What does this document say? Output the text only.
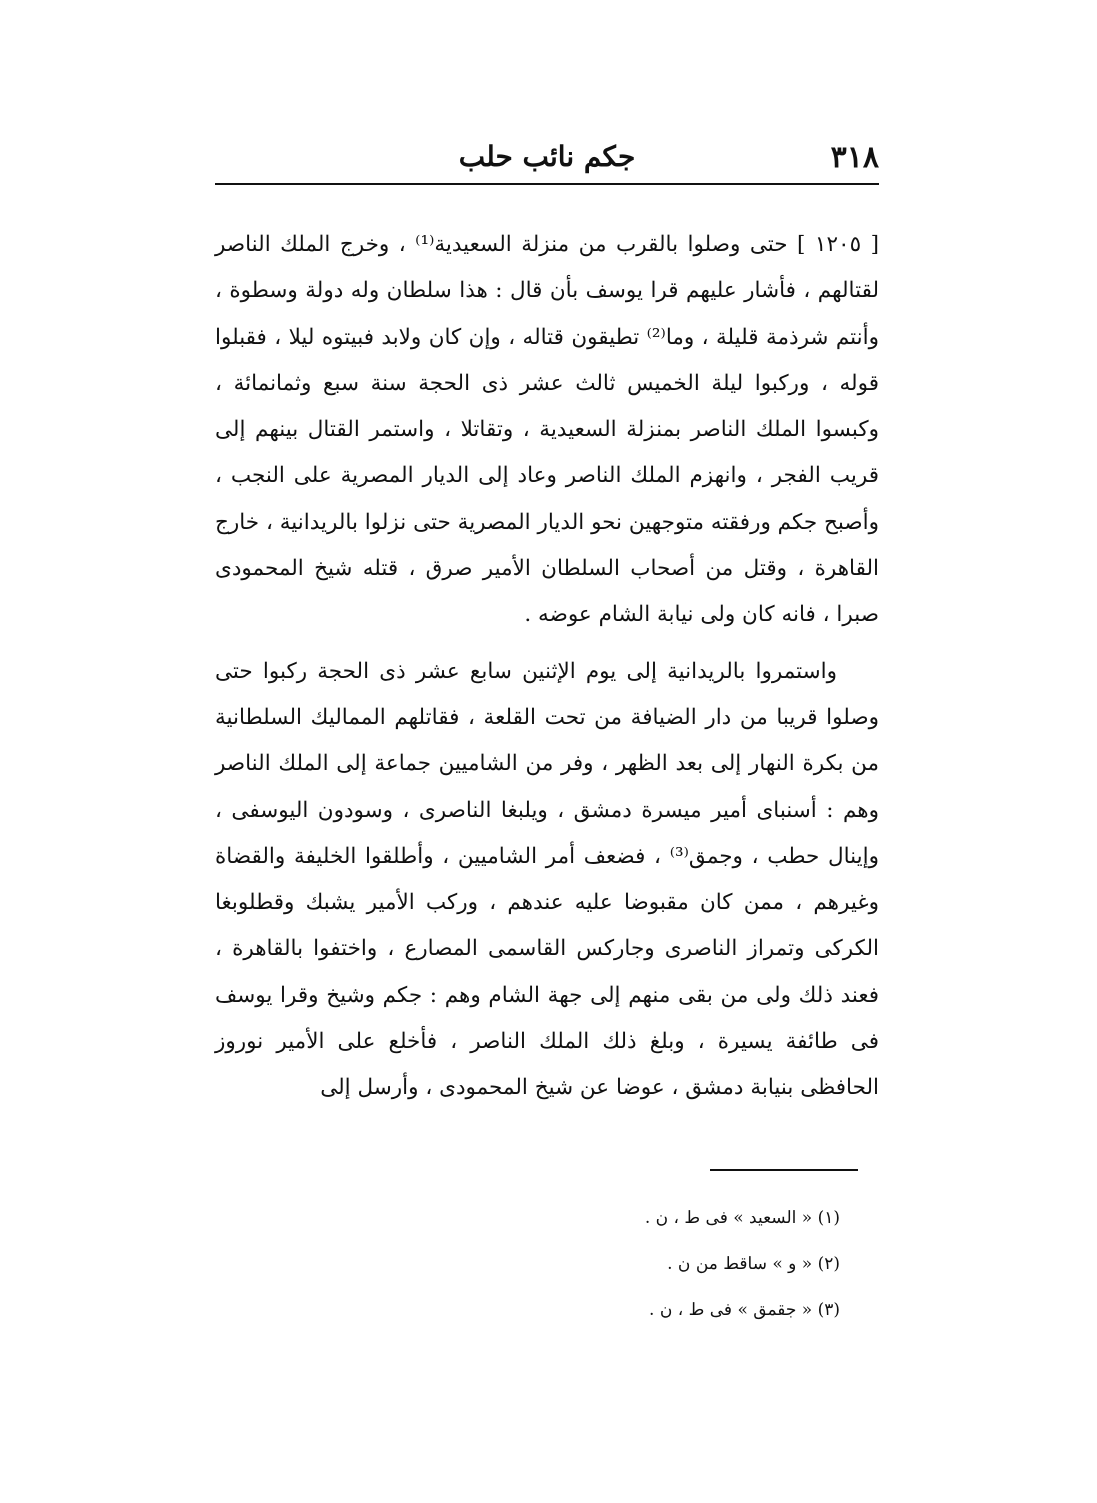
٣١٨
جكم نائب حلب

[ ١٢٠٥ ] حتى وصلوا بالقرب من منزلة السعيدية⁽¹⁾ ، وخرج الملك الناصر لقتالهم ، فأشار عليهم قرا يوسف بأن قال : هذا سلطان وله دولة وسطوة ، وأنتم شرذمة قليلة ، وما⁽²⁾ تطيقون قتاله ، وإن كان ولابد فبيتوه ليلا ، فقبلوا قوله ، وركبوا ليلة الخميس ثالث عشر ذى الحجة سنة سبع وثمانمائة ، وكبسوا الملك الناصر بمنزلة السعيدية ، وتقاتلا ، واستمر القتال بينهم إلى قريب الفجر ، وانهزم الملك الناصر وعاد إلى الديار المصرية على النجب ، وأصبح جكم ورفقته متوجهين نحو الديار المصرية حتى نزلوا بالريدانية ، خارج القاهرة ، وقتل من أصحاب السلطان الأمير صرق ، قتله شيخ المحمودى صبرا ، فانه كان ولى نيابة الشام عوضه .

واستمروا بالريدانية إلى يوم الإثنين سابع عشر ذى الحجة ركبوا حتى وصلوا قريبا من دار الضيافة من تحت القلعة ، فقاتلهم المماليك السلطانية من بكرة النهار إلى بعد الظهر ، وفر من الشاميين جماعة إلى الملك الناصر وهم : أسنباى أمير ميسرة دمشق ، ويلبغا الناصرى ، وسودون اليوسفى ، وإينال حطب ، وجمق⁽³⁾ ، فضعف أمر الشاميين ، وأطلقوا الخليفة والقضاة وغيرهم ، ممن كان مقبوضا عليه عندهم ، وركب الأمير يشبك وقطلوبغا الكركى وتمراز الناصرى وجاركس القاسمى المصارع ، واختفوا بالقاهرة ، فعند ذلك ولى من بقى منهم إلى جهة الشام وهم : جكم وشيخ وقرا يوسف فى طائفة يسيرة ، وبلغ ذلك الملك الناصر ، فأخلع على الأمير نوروز الحافظى بنيابة دمشق ، عوضا عن شيخ المحمودى ، وأرسل إلى

(١) « السعيد » فى ط ، ن .

(٢) « و » ساقط من ن .

(٣) « جقمق » فى ط ، ن .
